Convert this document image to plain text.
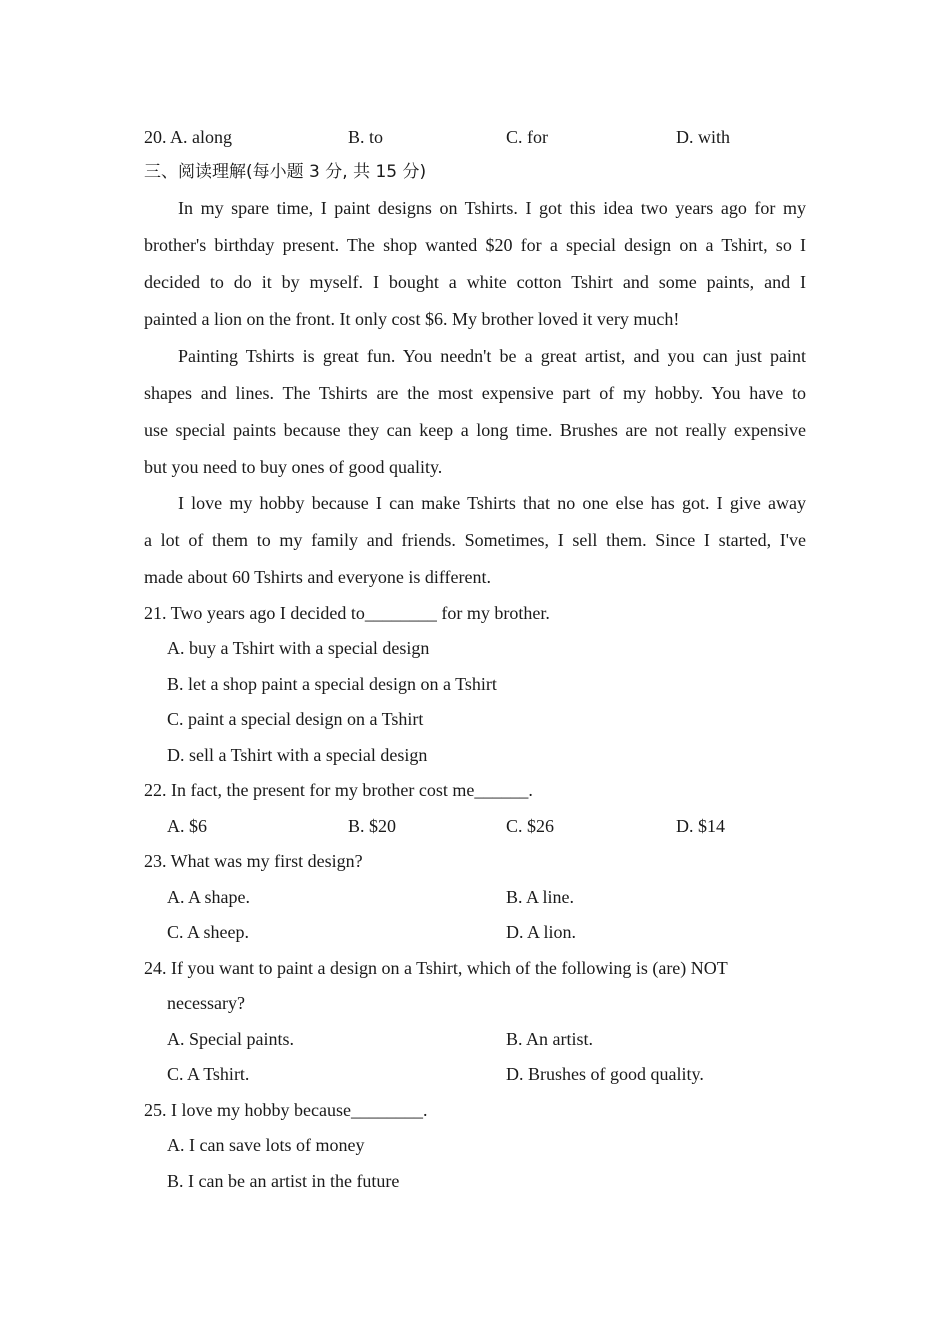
20. A. along	B. to	C. for	D. with
三、阅读理解(每小题 3 分, 共 15 分)
In my spare time, I paint designs on Tshirts. I got this idea two years ago for my
brother's birthday present. The shop wanted $20 for a special design on a Tshirt, so I
decided to do it by myself. I bought a white cotton Tshirt and some paints, and I
painted a lion on the front. It only cost $6. My brother loved it very much!
Painting Tshirts is great fun. You needn't be a great artist, and you can just paint
shapes and lines. The Tshirts are the most expensive part of my hobby. You have to
use special paints because they can keep a long time. Brushes are not really expensive
but you need to buy ones of good quality.
I love my hobby because I can make Tshirts that no one else has got. I give away
a lot of them to my family and friends. Sometimes, I sell them. Since I started, I've
made about 60 Tshirts and everyone is different.
21. Two years ago I decided to________ for my brother.
A. buy a Tshirt with a special design
B. let a shop paint a special design on a Tshirt
C. paint a special design on a Tshirt
D. sell a Tshirt with a special design
22. In fact, the present for my brother cost me______.
A. $6	B. $20	C. $26	D. $14
23. What was my first design?
A. A shape.	B. A line.
C. A sheep.	D. A lion.
24. If you want to paint a design on a Tshirt, which of the following is (are) NOT
necessary?
A. Special paints.	B. An artist.
C. A Tshirt.	D. Brushes of good quality.
25. I love my hobby because________.
A. I can save lots of money
B. I can be an artist in the future
